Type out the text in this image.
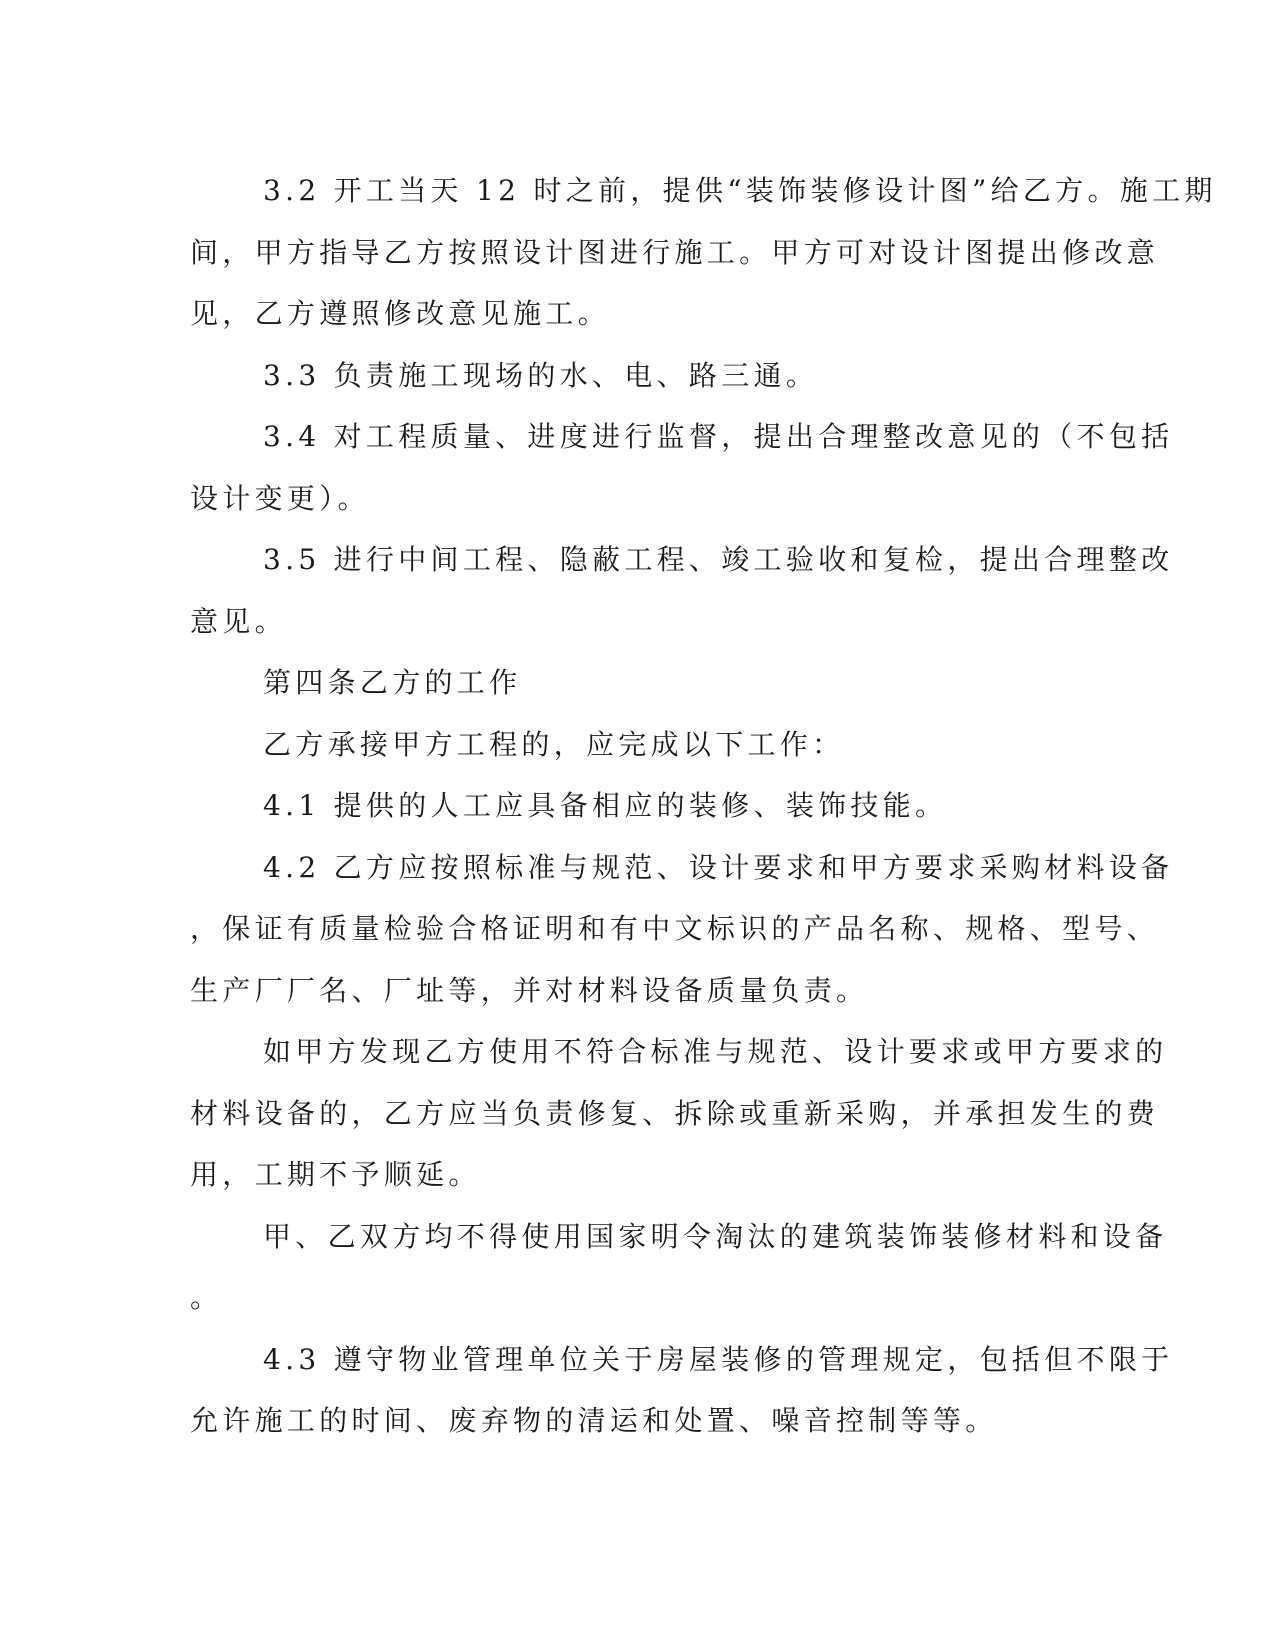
3.2 开工当天 12 时之前，提供“装饰装修设计图”给乙方。施工期
间，甲方指导乙方按照设计图进行施工。甲方可对设计图提出修改意
见，乙方遵照修改意见施工。
3.3 负责施工现场的水、电、路三通。
3.4 对工程质量、进度进行监督，提出合理整改意见的（不包括
设计变更）。
3.5 进行中间工程、隐蔽工程、竣工验收和复检，提出合理整改
意见。
第四条乙方的工作
乙方承接甲方工程的，应完成以下工作：
4.1 提供的人工应具备相应的装修、装饰技能。
4.2 乙方应按照标准与规范、设计要求和甲方要求采购材料设备
，保证有质量检验合格证明和有中文标识的产品名称、规格、型号、
生产厂厂名、厂址等，并对材料设备质量负责。
如甲方发现乙方使用不符合标准与规范、设计要求或甲方要求的
材料设备的，乙方应当负责修复、拆除或重新采购，并承担发生的费
用，工期不予顺延。
甲、乙双方均不得使用国家明令淘汰的建筑装饰装修材料和设备
。
4.3 遵守物业管理单位关于房屋装修的管理规定，包括但不限于
允许施工的时间、废弃物的清运和处置、噪音控制等等。
